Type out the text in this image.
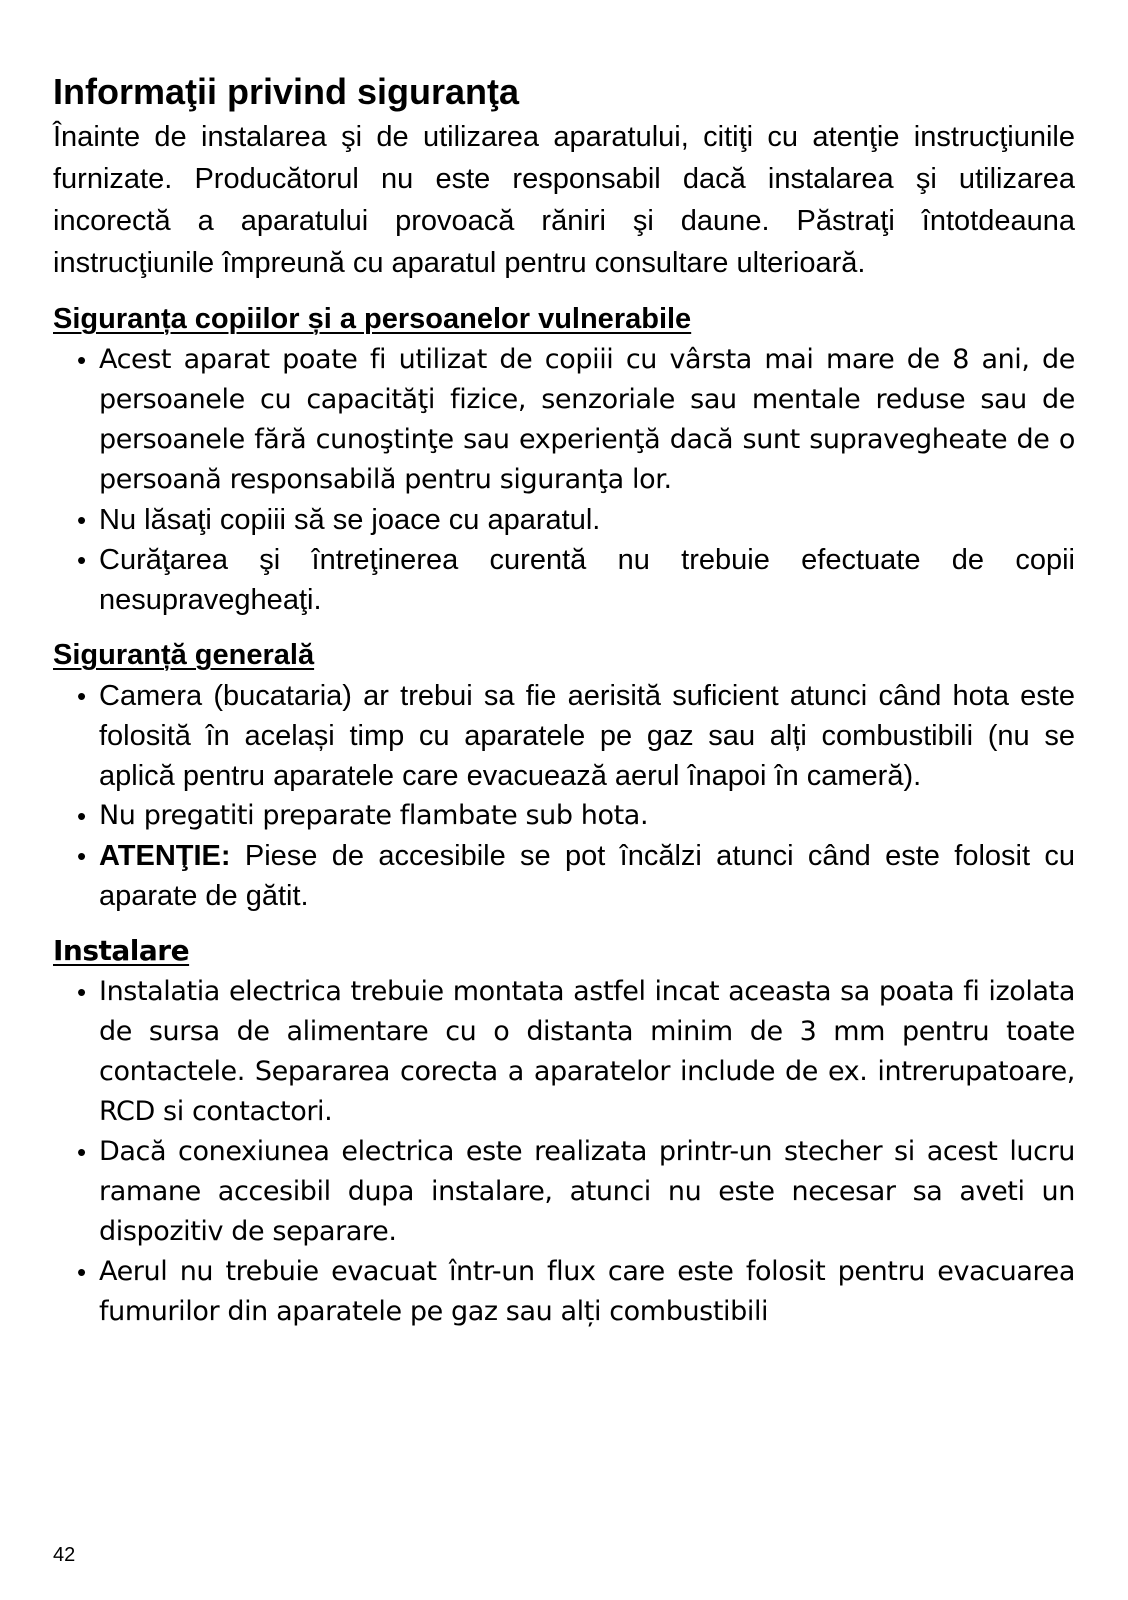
Informaţii privind siguranţa

Înainte de instalarea şi de utilizarea aparatului, citiţi cu atenţie instrucţiunile furnizate. Producătorul nu este responsabil dacă instalarea şi utilizarea incorectă a aparatului provoacă răniri şi daune. Păstraţi întotdeauna instrucţiunile împreună cu aparatul pentru consultare ulterioară.

Siguranța copiilor și a persoanelor vulnerabile
• Acest aparat poate fi utilizat de copiii cu vârsta mai mare de 8 ani, de persoanele cu capacităţi fizice, senzoriale sau mentale reduse sau de persoanele fără cunoştinţe sau experienţă dacă sunt supravegheate de o persoană responsabilă pentru siguranţa lor.
• Nu lăsaţi copiii să se joace cu aparatul.
• Curăţarea şi întreţinerea curentă nu trebuie efectuate de copii nesupravegheaţi.
Siguranță generală
• Camera (bucataria) ar trebui sa fie aerisită suficient atunci când hota este folosită în același timp cu aparatele pe gaz sau alți combustibili (nu se aplică pentru aparatele care evacuează aerul înapoi în cameră).
• Nu pregatiti preparate flambate sub hota.
• ATENŢIE: Piese de accesibile se pot încălzi atunci când este folosit cu aparate de gătit.
Instalare
• Instalatia electrica trebuie montata astfel incat aceasta sa poata fi izolata de sursa de alimentare cu o distanta minim de 3 mm pentru toate contactele. Separarea corecta a aparatelor include de ex. intrerupatoare, RCD si contactori.
• Dacă conexiunea electrica este realizata printr-un stecher si acest lucru ramane accesibil dupa instalare, atunci nu este necesar sa aveti un dispozitiv de separare.
• Aerul nu trebuie evacuat într-un flux care este folosit pentru evacuarea fumurilor din aparatele pe gaz sau alți combustibili
42
